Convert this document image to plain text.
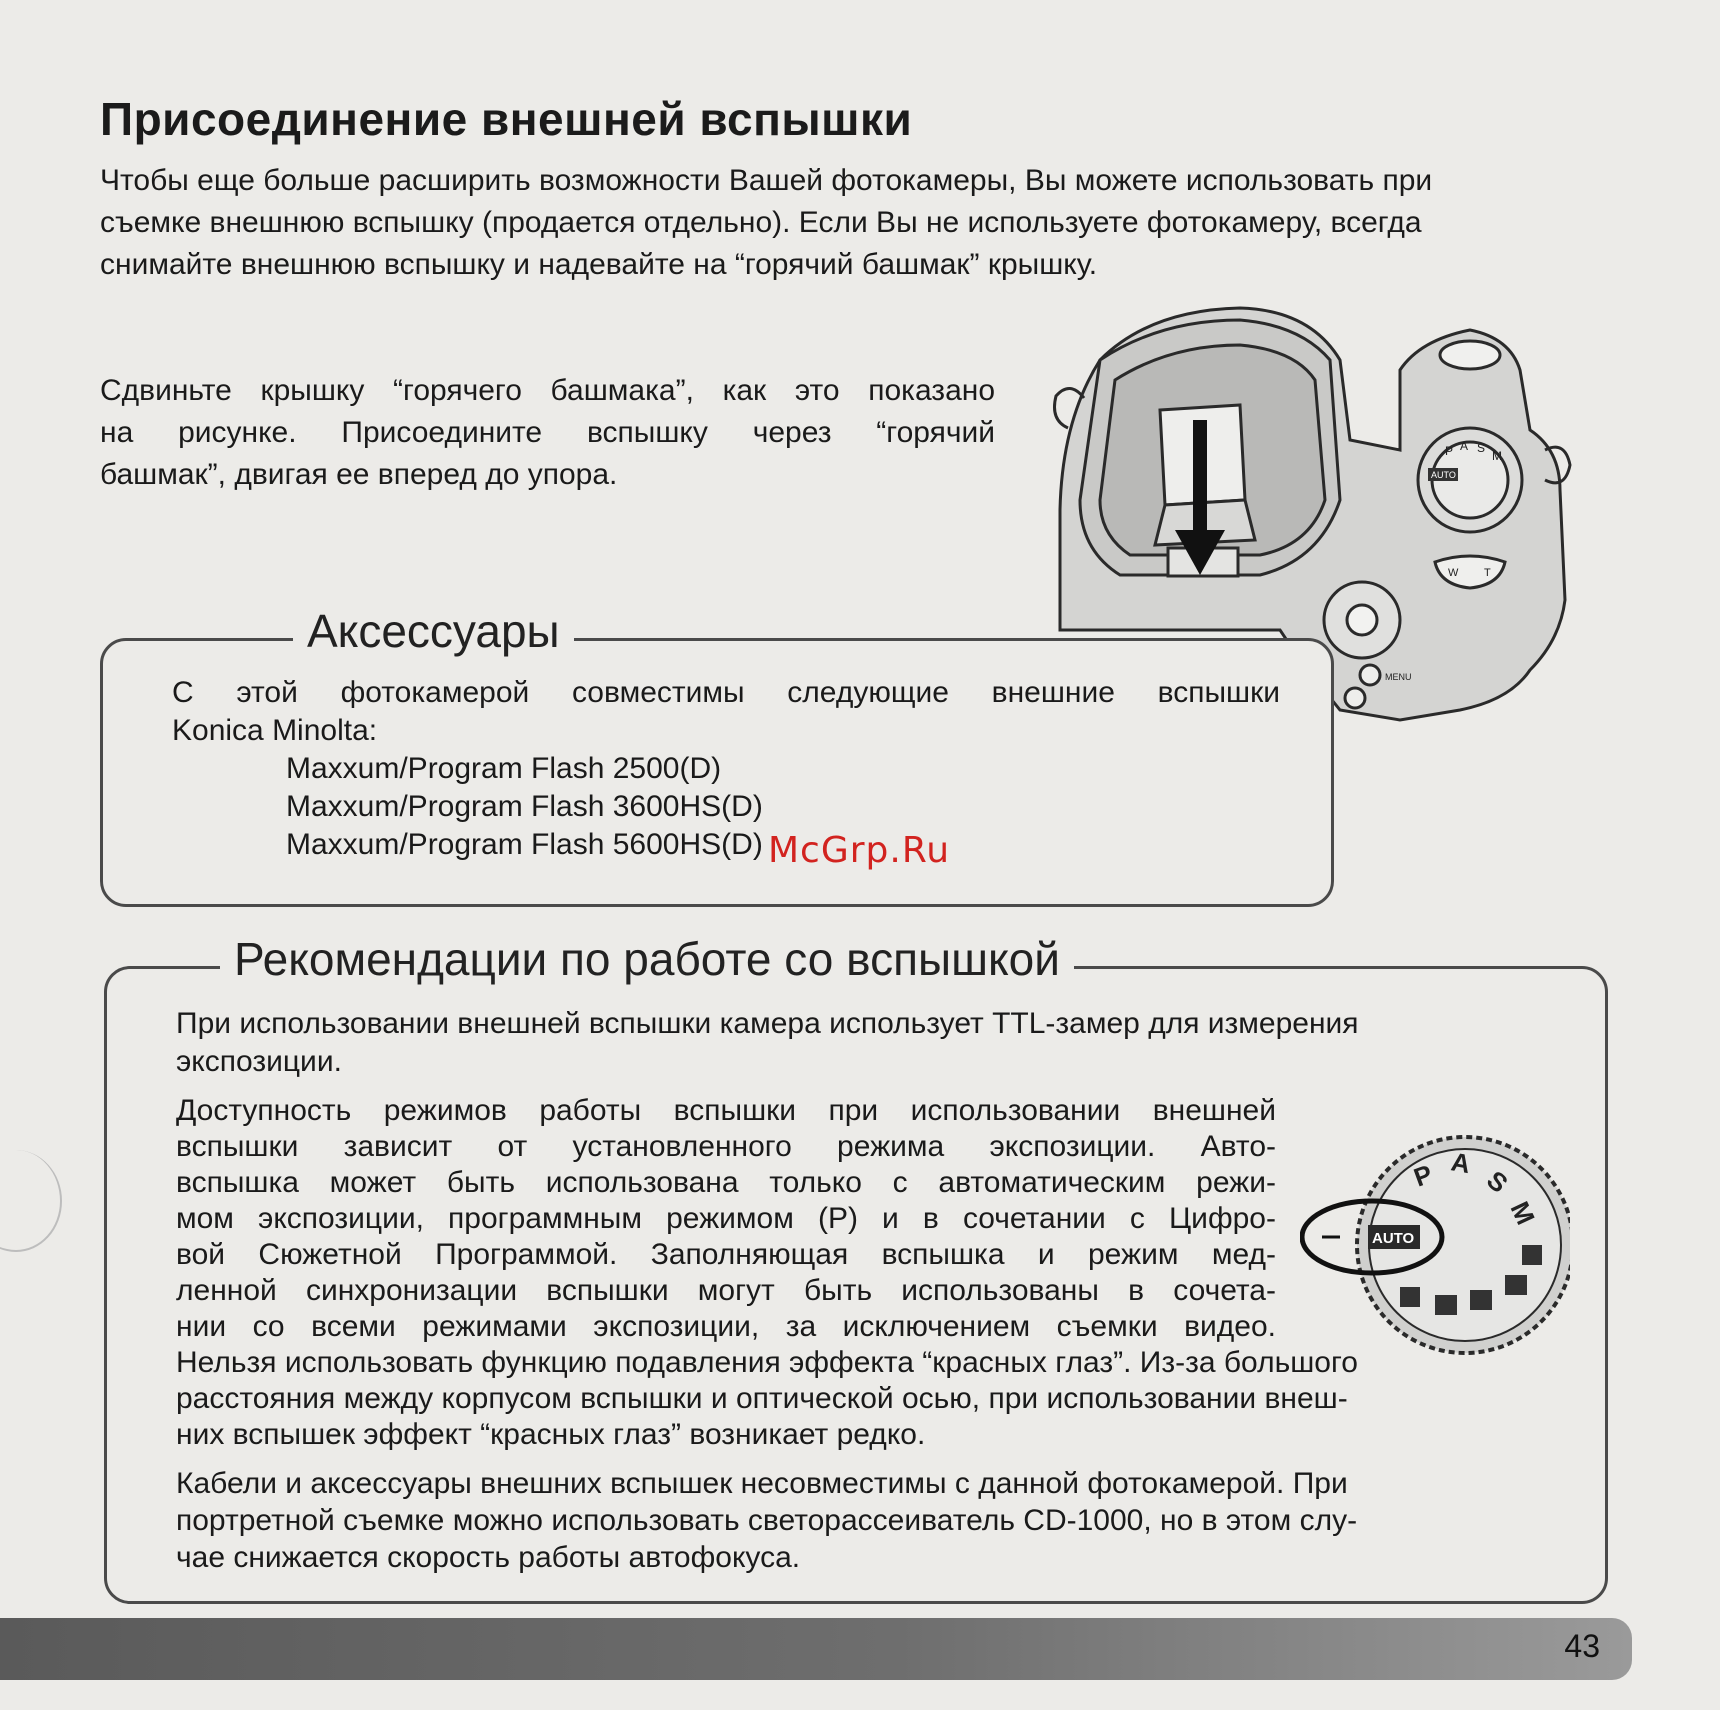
Присоединение внешней вспышки

Чтобы еще больше расширить возможности Вашей фотокамеры, Вы можете использовать при
съемке внешнюю вспышку (продается отдельно). Если Вы не используете фотокамеру, всегда
снимайте внешнюю вспышку и надевайте на “горячий башмак” крышку.

Сдвиньте крышку “горячего башмака”, как это показано
на рисунке. Присоедините вспышку через “горячий
башмак”, двигая ее вперед до упора.

P A S
M
AUTO
W T
MENU
Аксессуары
С этой фотокамерой совместимы следующие внешние вспышки
Konica Minolta:
Maxxum/Program Flash 2500(D)
Maxxum/Program Flash 3600HS(D)
Maxxum/Program Flash 5600HS(D) McGrp.Ru
Рекомендации по работе со вспышкой
При использовании внешней вспышки камера использует TTL-замер для измерения
экспозиции.
Доступность режимов работы вспышки при использовании внешней
вспышки зависит от установленного режима экспозиции. Авто-
вспышка может быть использована только с автоматическим режи-
мом экспозиции, программным режимом (P) и в сочетании с Цифро-
вой Сюжетной Программой. Заполняющая вспышка и режим мед-
ленной синхронизации вспышки могут быть использованы в сочета-
нии со всеми режимами экспозиции, за исключением съемки видео.
Нельзя использовать функцию подавления эффекта “красных глаз”. Из-за большого
расстояния между корпусом вспышки и оптической осью, при использовании внеш-
них вспышек эффект “красных глаз” возникает редко.
Кабели и аксессуары внешних вспышек несовместимы с данной фотокамерой. При
портретной съемке можно использовать светорассеиватель CD-1000, но в этом слу-
чае снижается скорость работы автофокуса.
P A
S
M
AUTO
43
